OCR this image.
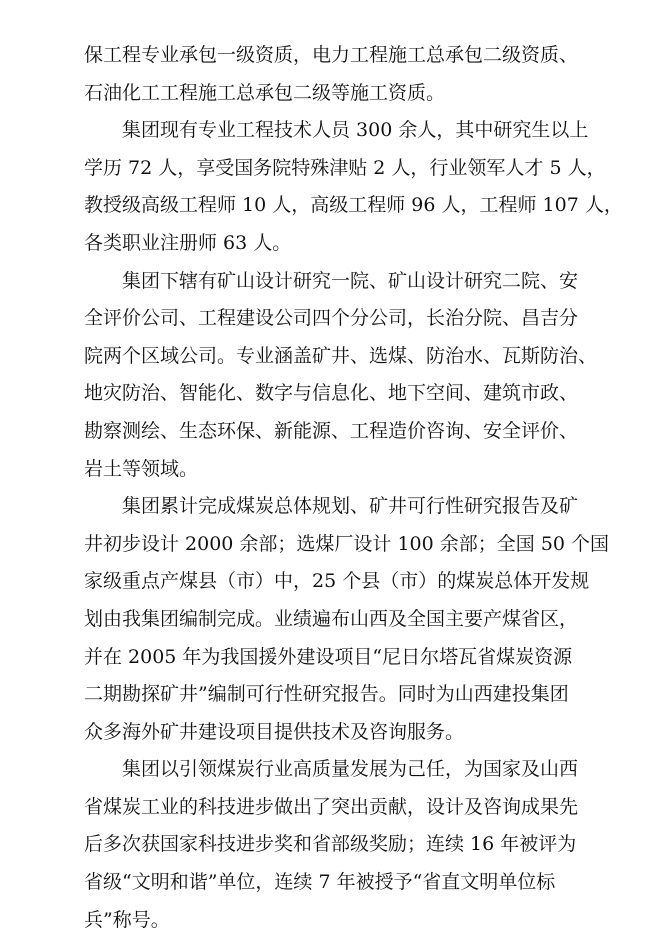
保工程专业承包一级资质，电力工程施工总承包二级资质、
石油化工工程施工总承包二级等施工资质。
集团现有专业工程技术人员 300 余人，其中研究生以上
学历 72 人，享受国务院特殊津贴 2 人，行业领军人才 5 人，
教授级高级工程师 10 人，高级工程师 96 人，工程师 107 人，
各类职业注册师 63 人。
集团下辖有矿山设计研究一院、矿山设计研究二院、安
全评价公司、工程建设公司四个分公司，长治分院、昌吉分
院两个区域公司。专业涵盖矿井、选煤、防治水、瓦斯防治、
地灾防治、智能化、数字与信息化、地下空间、建筑市政、
勘察测绘、生态环保、新能源、工程造价咨询、安全评价、
岩土等领域。
集团累计完成煤炭总体规划、矿井可行性研究报告及矿
井初步设计 2000 余部；选煤厂设计 100 余部；全国 50 个国
家级重点产煤县（市）中，25 个县（市）的煤炭总体开发规
划由我集团编制完成。业绩遍布山西及全国主要产煤省区，
并在 2005 年为我国援外建设项目“尼日尔塔瓦省煤炭资源
二期勘探矿井”编制可行性研究报告。同时为山西建投集团
众多海外矿井建设项目提供技术及咨询服务。
集团以引领煤炭行业高质量发展为己任，为国家及山西
省煤炭工业的科技进步做出了突出贡献，设计及咨询成果先
后多次获国家科技进步奖和省部级奖励；连续 16 年被评为
省级“文明和谐”单位，连续 7 年被授予“省直文明单位标
兵”称号。
